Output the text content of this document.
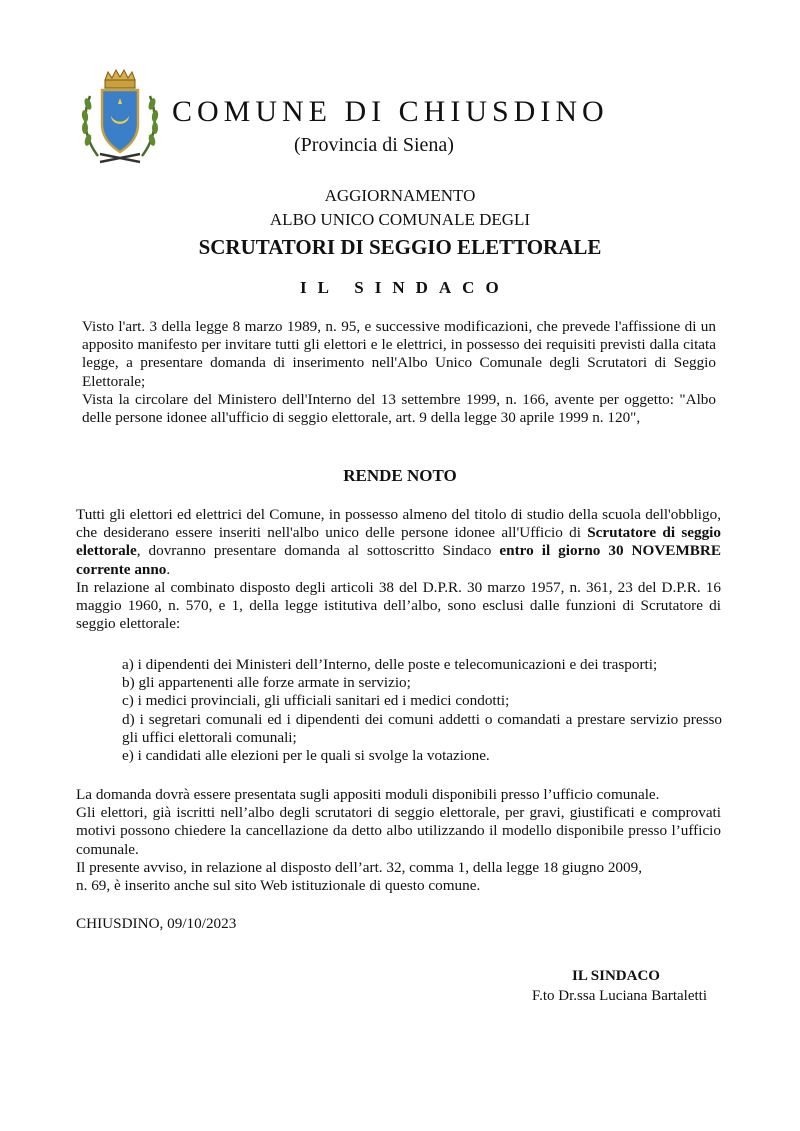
COMUNE DI CHIUSDINO
(Provincia di Siena)
AGGIORNAMENTO
ALBO UNICO COMUNALE DEGLI
SCRUTATORI DI SEGGIO ELETTORALE
IL SINDACO
Visto l'art. 3 della legge 8 marzo 1989, n. 95, e successive modificazioni, che prevede l'affissione di un apposito manifesto per invitare tutti gli elettori e le elettrici, in possesso dei requisiti previsti dalla citata legge, a presentare domanda di inserimento nell'Albo Unico Comunale degli Scrutatori di Seggio Elettorale;
Vista la circolare del Ministero dell'Interno del 13 settembre 1999, n. 166, avente per oggetto: "Albo delle persone idonee all'ufficio di seggio elettorale, art. 9 della legge 30 aprile 1999 n. 120",
RENDE NOTO
Tutti gli elettori ed elettrici del Comune, in possesso almeno del titolo di studio della scuola dell'obbligo, che desiderano essere inseriti nell'albo unico delle persone idonee all'Ufficio di Scrutatore di seggio elettorale, dovranno presentare domanda al sottoscritto Sindaco entro il giorno 30 NOVEMBRE corrente anno.
In relazione al combinato disposto degli articoli 38 del D.P.R. 30 marzo 1957, n. 361, 23 del D.P.R. 16 maggio 1960, n. 570, e 1, della legge istitutiva dell’albo, sono esclusi dalle funzioni di Scrutatore di seggio elettorale:
a) i dipendenti dei Ministeri dell’Interno, delle poste e telecomunicazioni e dei trasporti;
b) gli appartenenti alle forze armate in servizio;
c) i medici provinciali, gli ufficiali sanitari ed i medici condotti;
d) i segretari comunali ed i dipendenti dei comuni addetti o comandati a prestare servizio presso gli uffici elettorali comunali;
e) i candidati alle elezioni per le quali si svolge la votazione.
La domanda dovrà essere presentata sugli appositi moduli disponibili presso l’ufficio comunale.
Gli elettori, già iscritti nell’albo degli scrutatori di seggio elettorale, per gravi, giustificati e comprovati motivi possono chiedere la cancellazione da detto albo utilizzando il modello disponibile presso l’ufficio comunale.
Il presente avviso, in relazione al disposto dell’art. 32, comma 1, della legge 18 giugno 2009,
n. 69, è inserito anche sul sito Web istituzionale di questo comune.
CHIUSDINO, 09/10/2023
IL SINDACO
F.to Dr.ssa Luciana Bartaletti
